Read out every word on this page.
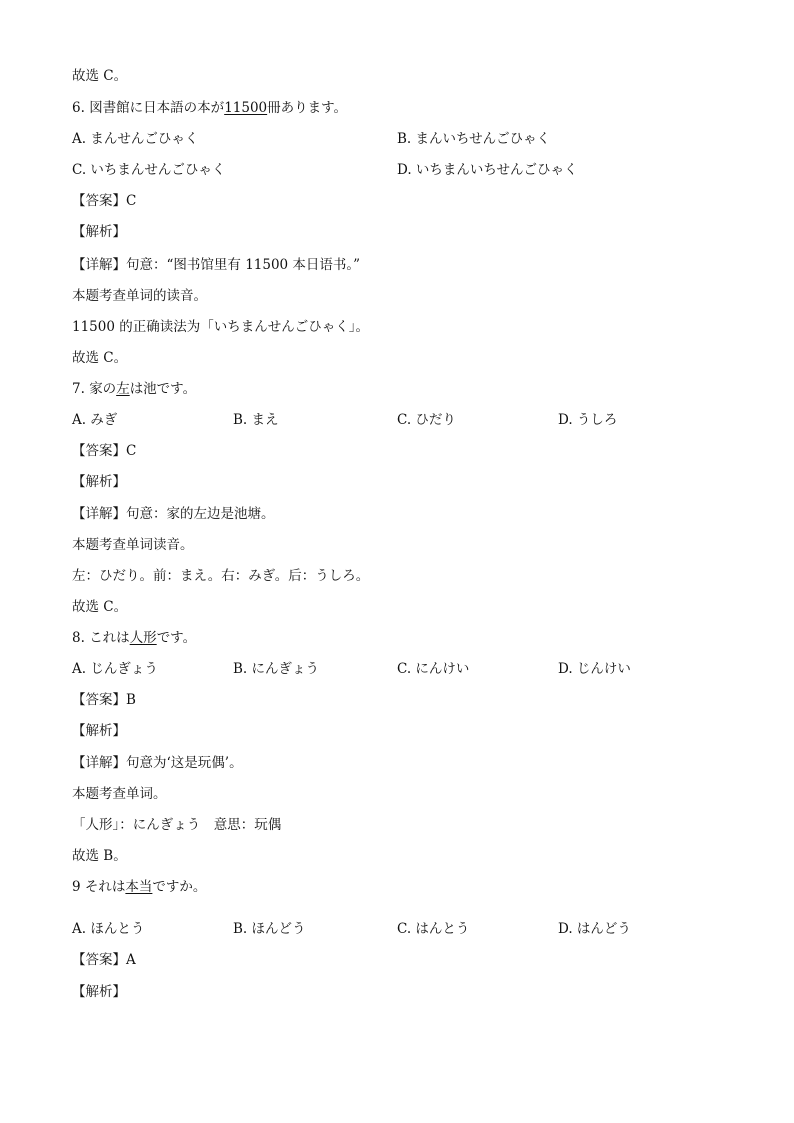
故选 C。
6. 図書館に日本語の本が11500冊あります。
A. まんせんごひゃく	B. まんいちせんごひゃく
C. いちまんせんごひゃく	D. いちまんいちせんごひゃく
【答案】C
【解析】
【详解】句意：“图书馆里有 11500 本日语书。”
本题考查单词的读音。
11500 的正确读法为「いちまんせんごひゃく」。
故选 C。
7. 家の左は池です。
A. みぎ	B. まえ	C. ひだり	D. うしろ
【答案】C
【解析】
【详解】句意：家的左边是池塘。
本题考查单词读音。
左：ひだり。前：まえ。右：みぎ。后：うしろ。
故选 C。
8. これは人形です。
A. じんぎょう	B. にんぎょう	C. にんけい	D. じんけい
【答案】B
【解析】
【详解】句意为‘这是玩偶’。
本题考查单词。
「人形」：にんぎょう　意思：玩偶
故选 B。
9 それは本当ですか。
A. ほんとう	B. ほんどう	C. はんとう	D. はんどう
【答案】A
【解析】
